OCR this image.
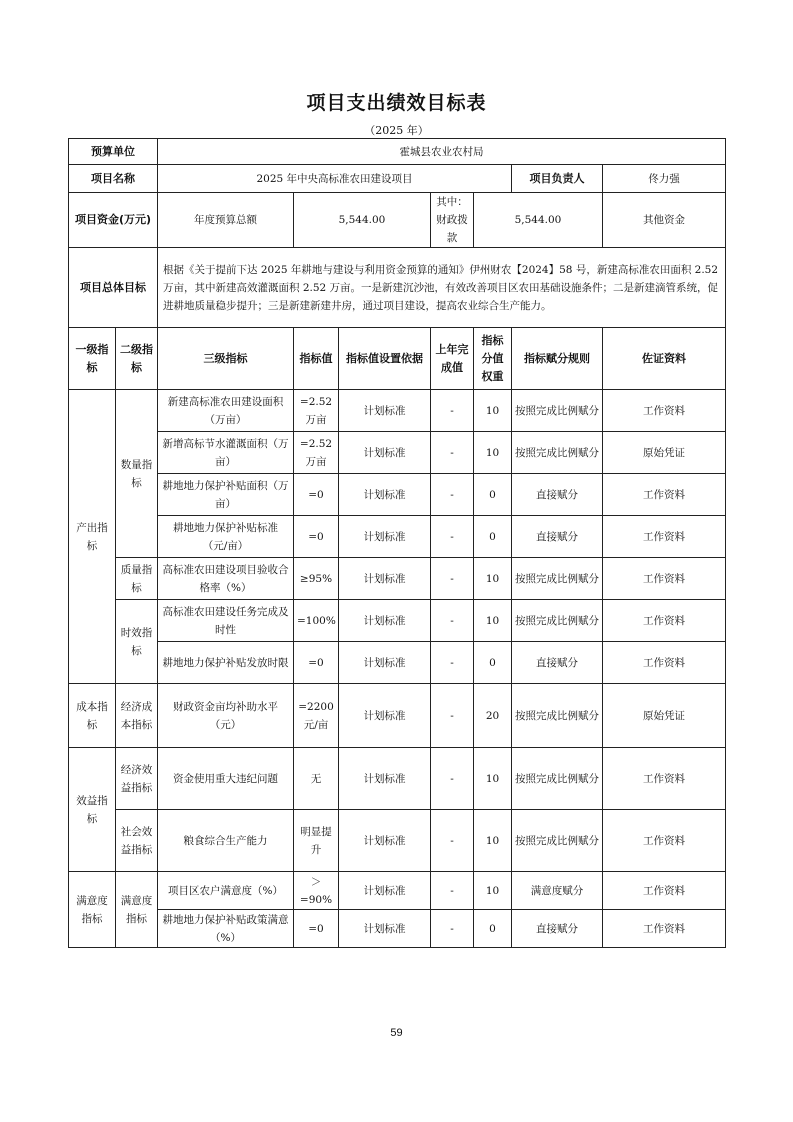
项目支出绩效目标表
（2025 年）
预算单位		霍城县农业农村局						
项目名称		2025 年中央高标准农田建设项目					项目负责人	佟力强
项目资金(万元)		年度预算总额	5,544.00		其中：财政拨款	5,544.00		其他资金
项目总体目标		根据《关于提前下达 2025 年耕地与建设与利用资金预算的通知》伊州财农【2024】58 号，新建高标准农田面积 2.52 万亩，其中新建高效灌溉面积 2.52 万亩。一是新建沉沙池，有效改善项目区农田基础设施条件；二是新建滴管系统，促进耕地质量稳步提升；三是新建新建井房，通过项目建设，提高农业综合生产能力。						
一级指标	二级指标	三级指标	指标值	指标值设置依据	上年完成值	指标分值权重	指标赋分规则	佐证资料
产出指标	数量指标	新建高标准农田建设面积（万亩）	=2.52 万亩	计划标准	-	10	按照完成比例赋分	工作资料
		新增高标节水灌溉面积（万亩）	=2.52 万亩	计划标准	-	10	按照完成比例赋分	原始凭证
		耕地地力保护补贴面积（万亩）	=0	计划标准	-	0	直接赋分	工作资料
		耕地地力保护补贴标准（元/亩）	=0	计划标准	-	0	直接赋分	工作资料
	质量指标	高标准农田建设项目验收合格率（%）	≥95%	计划标准	-	10	按照完成比例赋分	工作资料
	时效指标	高标准农田建设任务完成及时性	=100%	计划标准	-	10	按照完成比例赋分	工作资料
		耕地地力保护补贴发放时限	=0	计划标准	-	0	直接赋分	工作资料
成本指标	经济成本指标	财政资金亩均补助水平（元）	=2200 元/亩	计划标准	-	20	按照完成比例赋分	原始凭证
效益指标	经济效益指标	资金使用重大违纪问题	无	计划标准	-	10	按照完成比例赋分	工作资料
	社会效益指标	粮食综合生产能力	明显提升	计划标准	-	10	按照完成比例赋分	工作资料
满意度指标	满意度指标	项目区农户满意度（%）	＞=90%	计划标准	-	10	满意度赋分	工作资料
		耕地地力保护补贴政策满意（%）	=0	计划标准	-	0	直接赋分	工作资料
59
